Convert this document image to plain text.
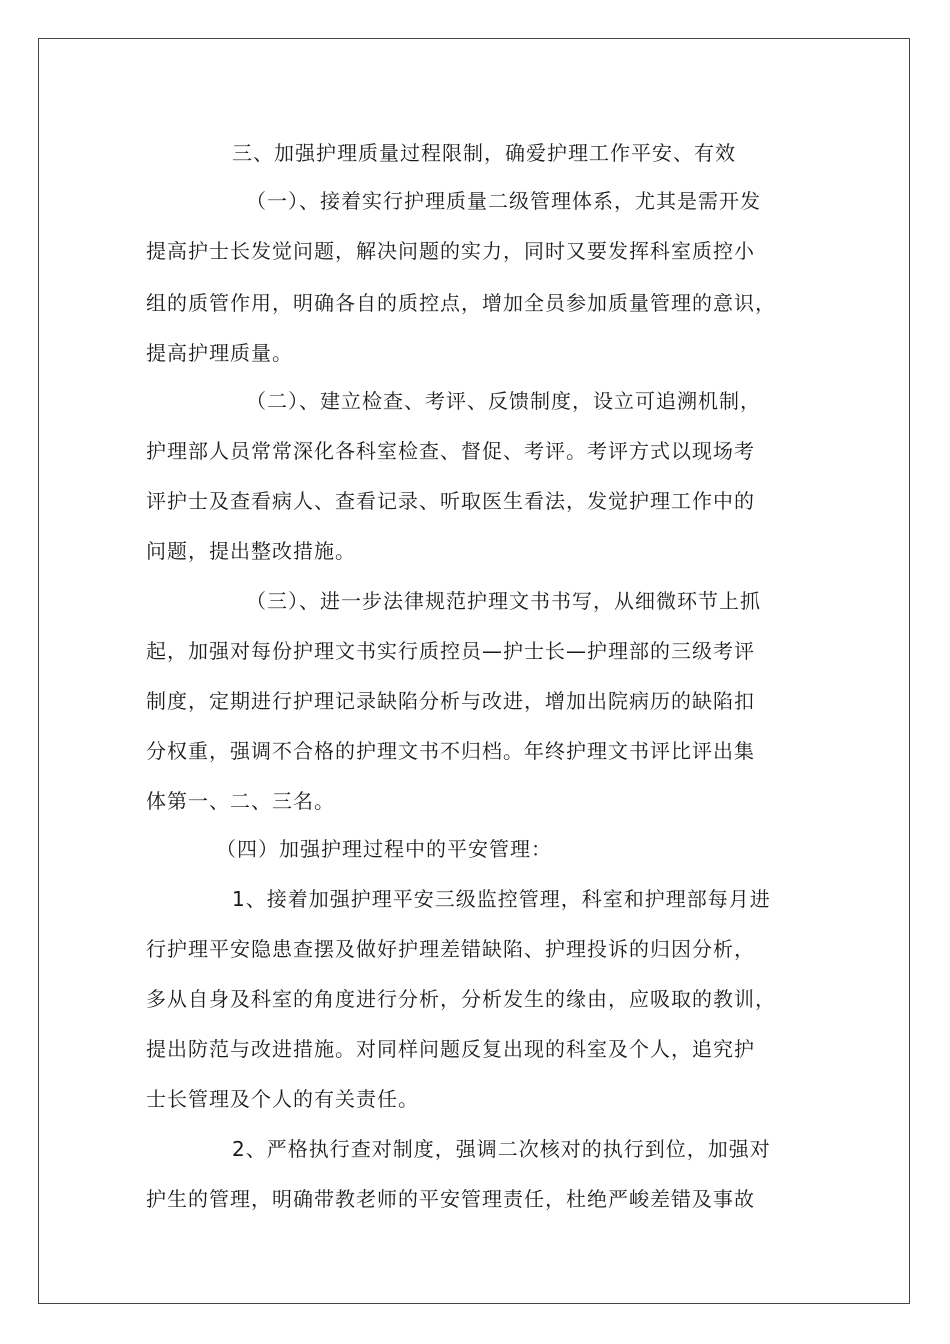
三、加强护理质量过程限制，确爱护理工作平安、有效
（一）、接着实行护理质量二级管理体系，尤其是需开发
提高护士长发觉问题，解决问题的实力，同时又要发挥科室质控小
组的质管作用，明确各自的质控点，增加全员参加质量管理的意识，
提高护理质量。
（二）、建立检查、考评、反馈制度，设立可追溯机制，
护理部人员常常深化各科室检查、督促、考评。考评方式以现场考
评护士及查看病人、查看记录、听取医生看法，发觉护理工作中的
问题，提出整改措施。
（三）、进一步法律规范护理文书书写，从细微环节上抓
起，加强对每份护理文书实行质控员—护士长—护理部的三级考评
制度，定期进行护理记录缺陷分析与改进，增加出院病历的缺陷扣
分权重，强调不合格的护理文书不归档。年终护理文书评比评出集
体第一、二、三名。
（四）加强护理过程中的平安管理：
1、接着加强护理平安三级监控管理，科室和护理部每月进
行护理平安隐患查摆及做好护理差错缺陷、护理投诉的归因分析，
多从自身及科室的角度进行分析，分析发生的缘由，应吸取的教训，
提出防范与改进措施。对同样问题反复出现的科室及个人，追究护
士长管理及个人的有关责任。
2、严格执行查对制度，强调二次核对的执行到位，加强对
护生的管理，明确带教老师的平安管理责任，杜绝严峻差错及事故
